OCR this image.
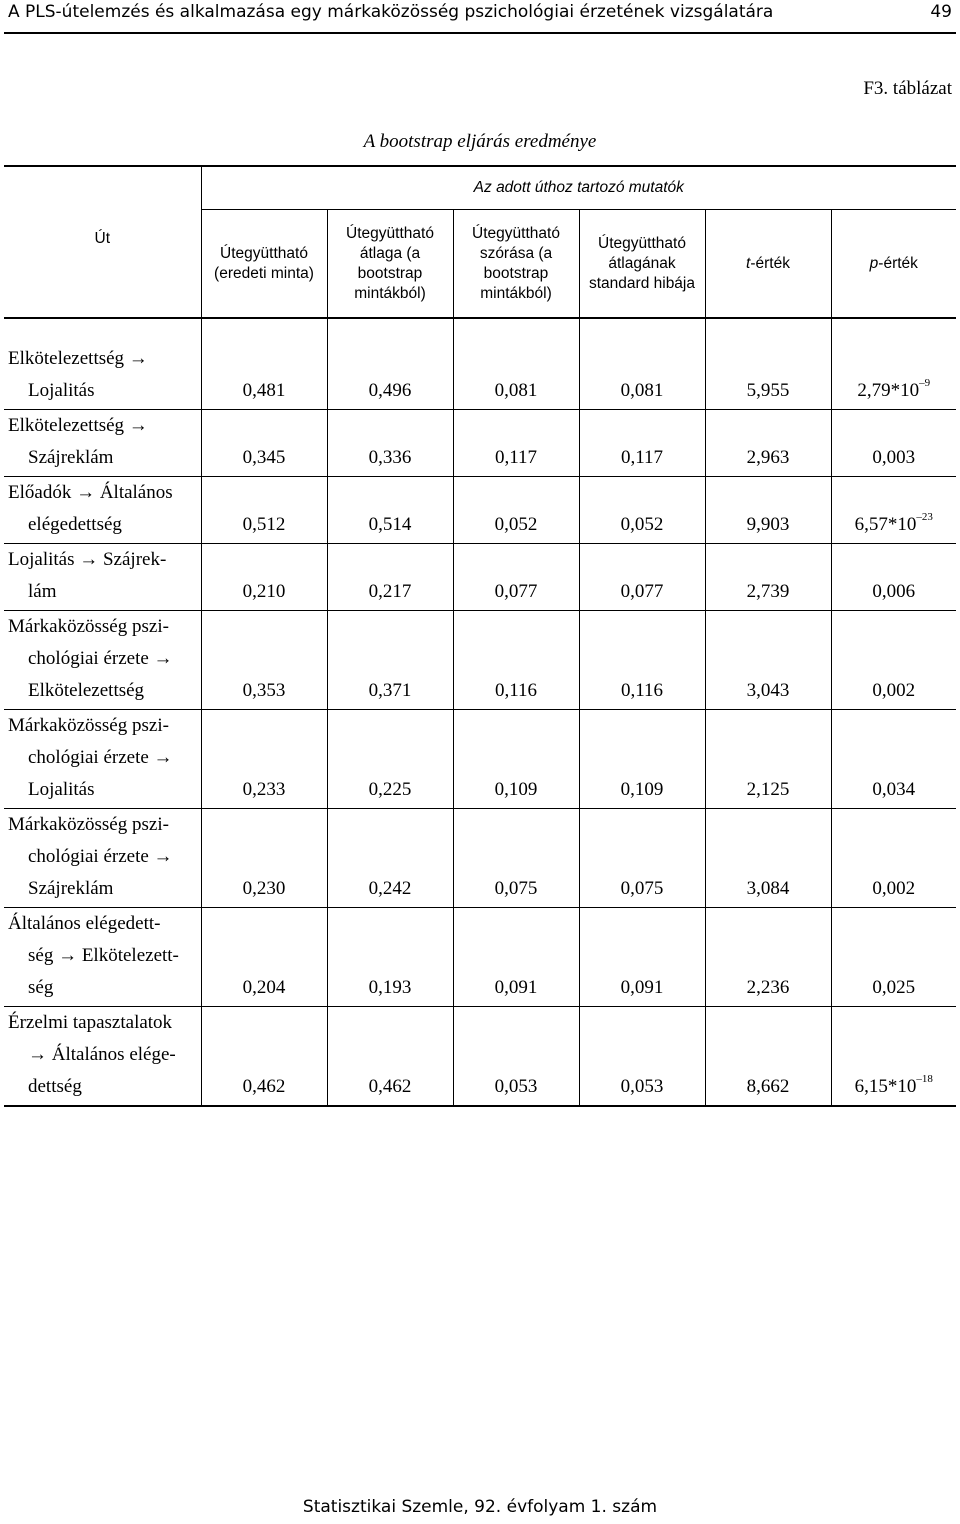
A PLS-útelemzés és alkalmazása egy márkaközösség pszichológiai érzetének vizsgálatára	49
F3. táblázat
A bootstrap eljárás eredménye
Út	Az adott úthoz tartozó mutatók					
	Útegyüttható (eredeti minta)	Útegyüttható átlaga (a bootstrap mintákból)	Útegyüttható szórása (a bootstrap mintákból)	Útegyüttható átlagának standard hibája	t-érték	p-érték

Elkötelezettség →
Lojalitás	0,481	0,496	0,081	0,081	5,955	$2,79*10^{-9}$

Elkötelezettség →
Szájreklám	0,345	0,336	0,117	0,117	2,963	0,003

Előadók → Általános
elégedettség	0,512	0,514	0,052	0,052	9,903	$6,57*10^{-23}$

Lojalitás → Szájrek-
lám	0,210	0,217	0,077	0,077	2,739	0,006

Márkaközösség pszi-
chológiai érzete →
Elkötelezettség	0,353	0,371	0,116	0,116	3,043	0,002

Márkaközösség pszi-
chológiai érzete →
Lojalitás	0,233	0,225	0,109	0,109	2,125	0,034

Márkaközösség pszi-
chológiai érzete →
Szájreklám	0,230	0,242	0,075	0,075	3,084	0,002

Általános elégedett-
ség → Elkötelezett-
ség	0,204	0,193	0,091	0,091	2,236	0,025

Érzelmi tapasztalatok
→ Általános elége-
dettség	0,462	0,462	0,053	0,053	8,662	$6,15*10^{-18}$
Statisztikai Szemle, 92. évfolyam 1. szám
